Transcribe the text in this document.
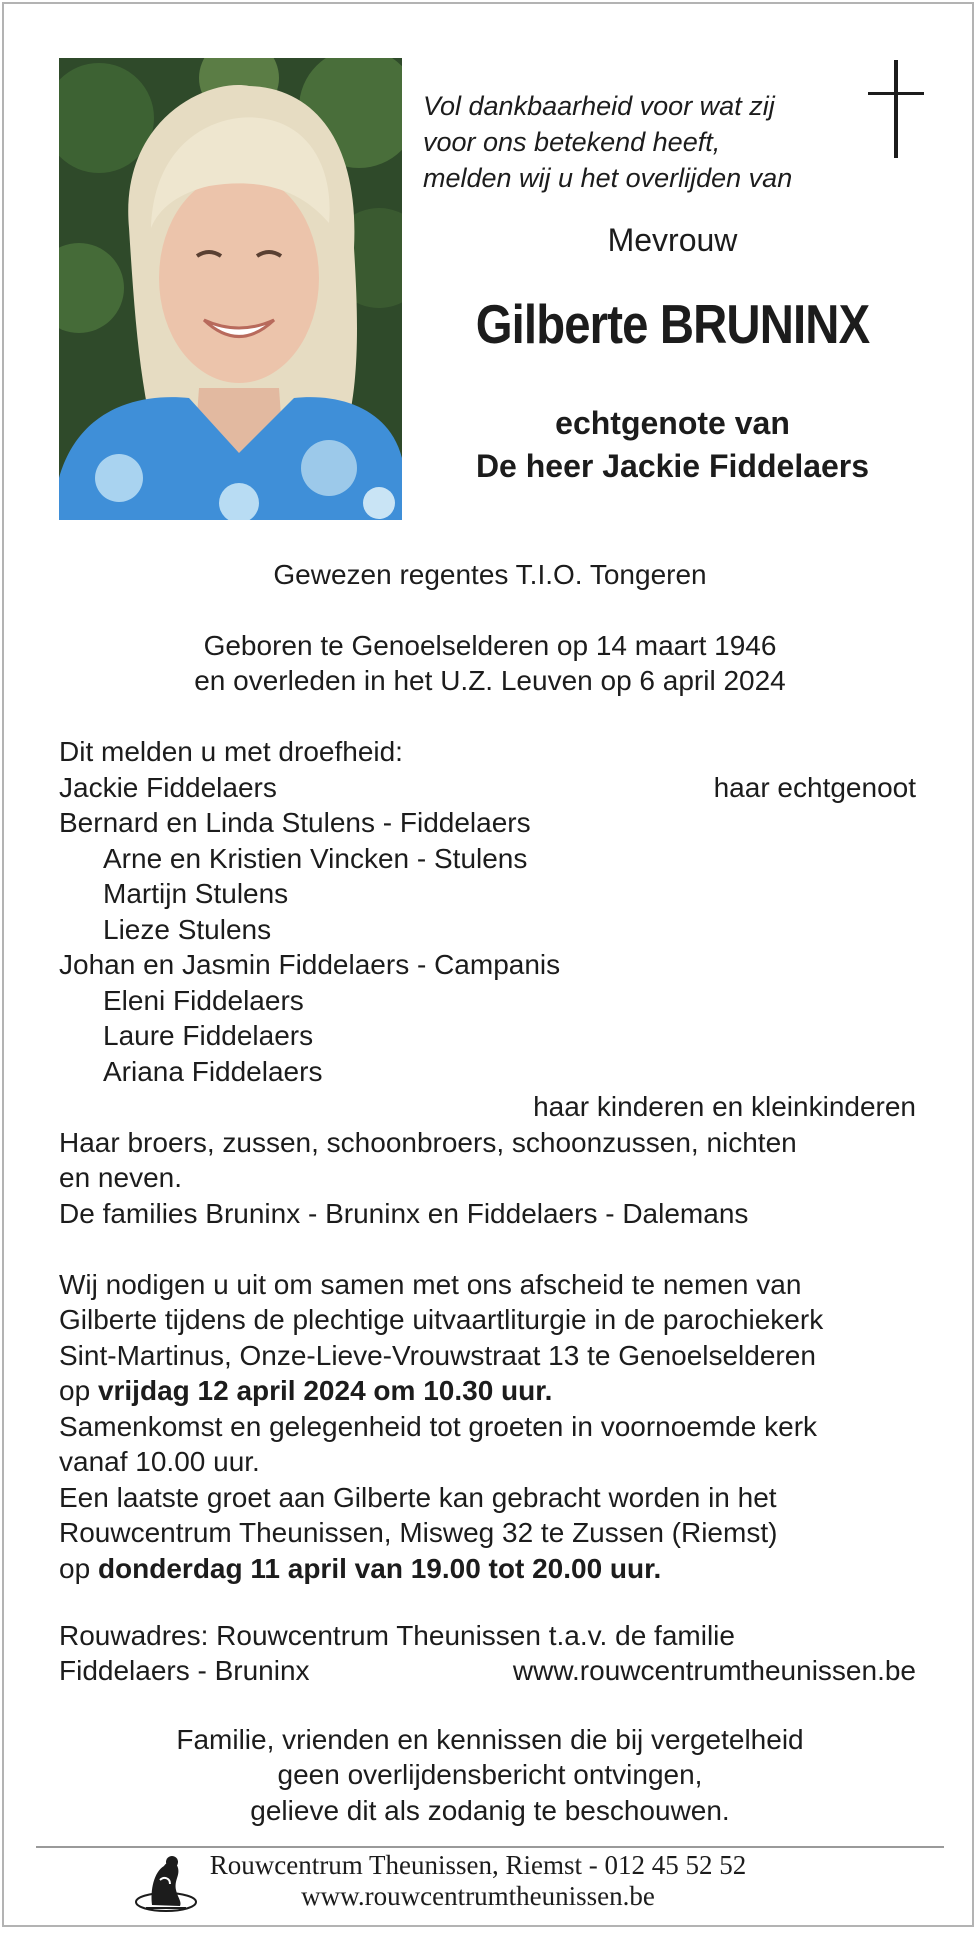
Vol dankbaarheid voor wat zij
voor ons betekend heeft,
melden wij u het overlijden van
Mevrouw
Gilberte BRUNINX
echtgenote van
De heer Jackie Fiddelaers
Gewezen regentes T.I.O. Tongeren
Geboren te Genoelselderen op 14 maart 1946
en overleden in het U.Z. Leuven op 6 april 2024
Dit melden u met droefheid:
Jackie Fiddelaers	haar echtgenoot
Bernard en Linda Stulens - Fiddelaers
Arne en Kristien Vincken - Stulens
Martijn Stulens
Lieze Stulens
Johan en Jasmin Fiddelaers - Campanis
Eleni Fiddelaers
Laure Fiddelaers
Ariana Fiddelaers
haar kinderen en kleinkinderen
Haar broers, zussen, schoonbroers, schoonzussen, nichten
en neven.
De families Bruninx - Bruninx en Fiddelaers - Dalemans
Wij nodigen u uit om samen met ons afscheid te nemen van
Gilberte tijdens de plechtige uitvaartliturgie in de parochiekerk
Sint-Martinus, Onze-Lieve-Vrouwstraat 13 te Genoelselderen
op vrijdag 12 april 2024 om 10.30 uur.
Samenkomst en gelegenheid tot groeten in voornoemde kerk
vanaf 10.00 uur.
Een laatste groet aan Gilberte kan gebracht worden in het
Rouwcentrum Theunissen, Misweg 32 te Zussen (Riemst)
op donderdag 11 april van 19.00 tot 20.00 uur.
Rouwadres: Rouwcentrum Theunissen t.a.v. de familie
Fiddelaers - Bruninx	www.rouwcentrumtheunissen.be
Familie, vrienden en kennissen die bij vergetelheid
geen overlijdensbericht ontvingen,
gelieve dit als zodanig te beschouwen.
Rouwcentrum Theunissen, Riemst - 012 45 52 52
www.rouwcentrumtheunissen.be
